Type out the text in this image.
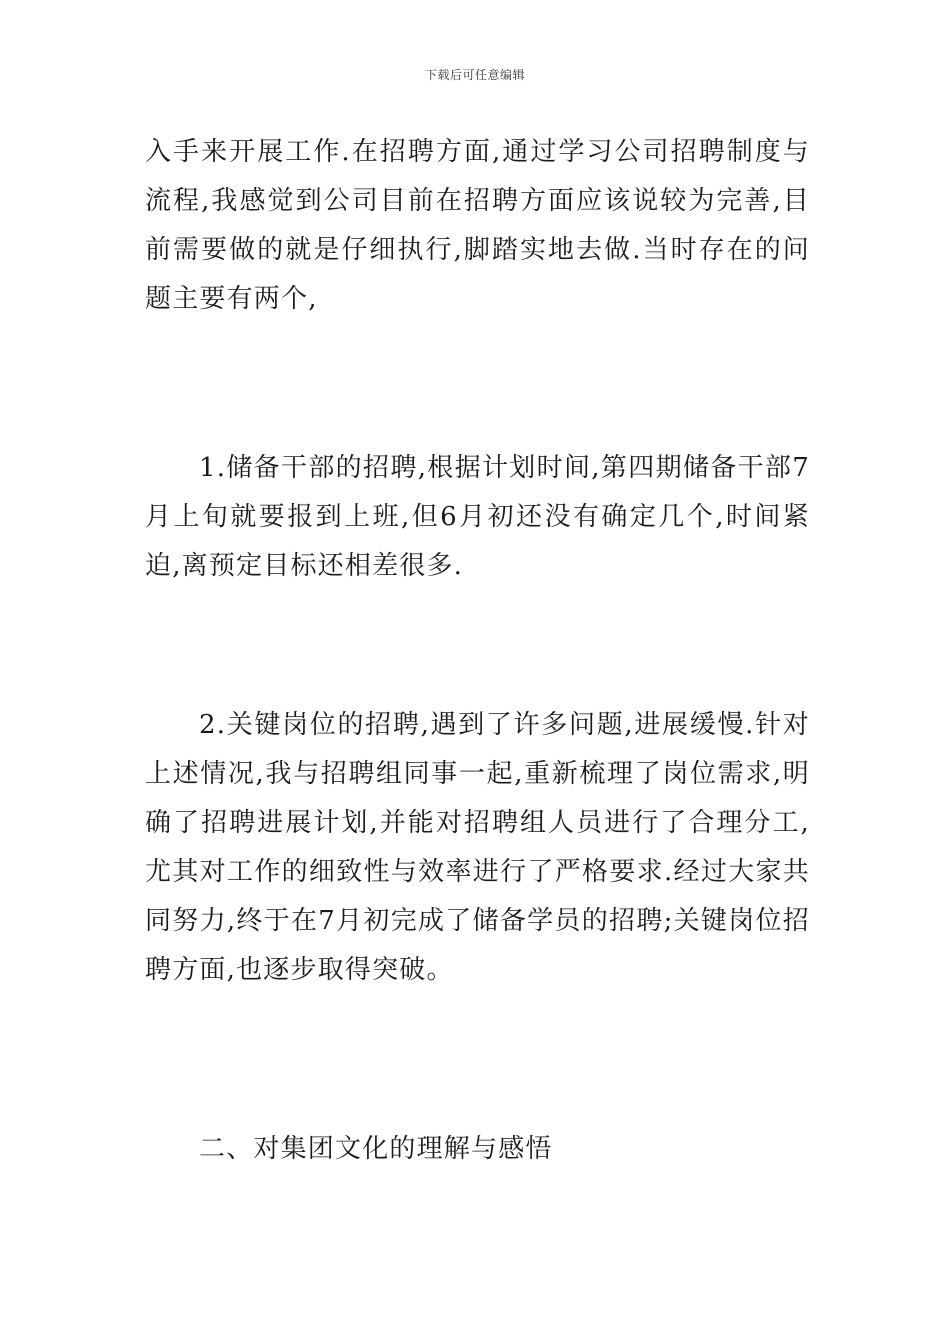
下载后可任意编辑

入手来开展工作.在招聘方面,通过学习公司招聘制度与流程,我感觉到公司目前在招聘方面应该说较为完善,目前需要做的就是仔细执行,脚踏实地去做.当时存在的问题主要有两个,

1.储备干部的招聘,根据计划时间,第四期储备干部7月上旬就要报到上班,但6月初还没有确定几个,时间紧迫,离预定目标还相差很多.

2.关键岗位的招聘,遇到了许多问题,进展缓慢.针对上述情况,我与招聘组同事一起,重新梳理了岗位需求,明确了招聘进展计划,并能对招聘组人员进行了合理分工,尤其对工作的细致性与效率进行了严格要求.经过大家共同努力,终于在7月初完成了储备学员的招聘;关键岗位招聘方面,也逐步取得突破。

二、对集团文化的理解与感悟
